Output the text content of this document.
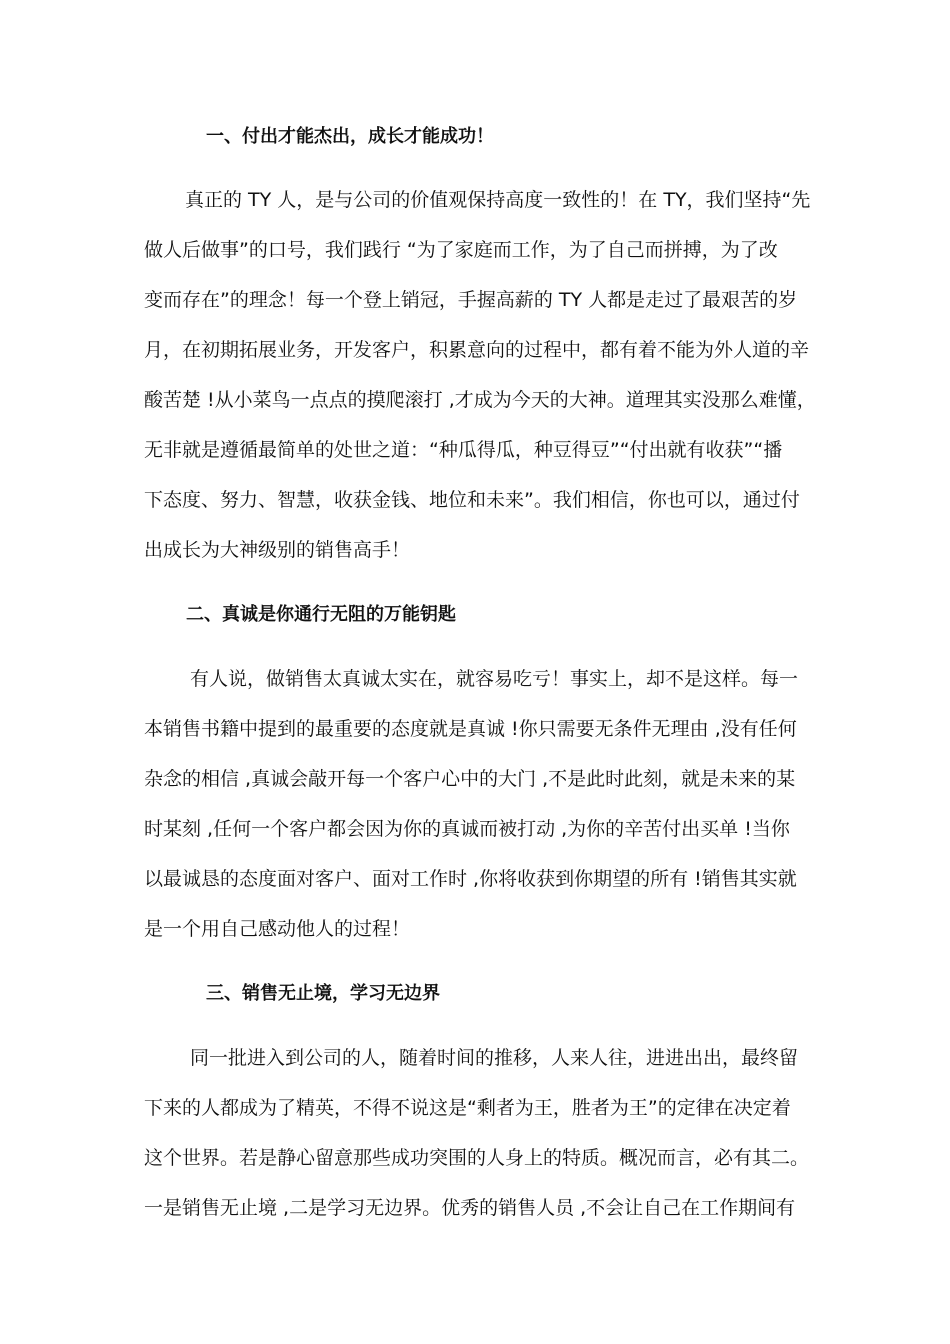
一、付出才能杰出，成长才能成功！
真正的 TY 人，是与公司的价值观保持高度一致性的！在 TY，我们坚持“先
做人后做事”的口号，我们践行 “为了家庭而工作，为了自己而拼搏，为了改
变而存在”的理念！每一个登上销冠，手握高薪的 TY 人都是走过了最艰苦的岁
月，在初期拓展业务，开发客户，积累意向的过程中，都有着不能为外人道的辛
酸苦楚 !从小菜鸟一点点的摸爬滚打 ,才成为今天的大神。道理其实没那么难懂，
无非就是遵循最简单的处世之道：“种瓜得瓜，种豆得豆”“付出就有收获”“播
下态度、努力、智慧，收获金钱、地位和未来”。我们相信，你也可以，通过付
出成长为大神级别的销售高手！
二、真诚是你通行无阻的万能钥匙
有人说，做销售太真诚太实在，就容易吃亏！事实上，却不是这样。每一
本销售书籍中提到的最重要的态度就是真诚 !你只需要无条件无理由 ,没有任何
杂念的相信 ,真诚会敲开每一个客户心中的大门 ,不是此时此刻，就是未来的某
时某刻 ,任何一个客户都会因为你的真诚而被打动 ,为你的辛苦付出买单 !当你
以最诚恳的态度面对客户、面对工作时 ,你将收获到你期望的所有 !销售其实就
是一个用自己感动他人的过程！
三、销售无止境，学习无边界
同一批进入到公司的人，随着时间的推移，人来人往，进进出出，最终留
下来的人都成为了精英，不得不说这是“剩者为王，胜者为王”的定律在决定着
这个世界。若是静心留意那些成功突围的人身上的特质。概况而言，必有其二。
一是销售无止境 ,二是学习无边界。优秀的销售人员 ,不会让自己在工作期间有
